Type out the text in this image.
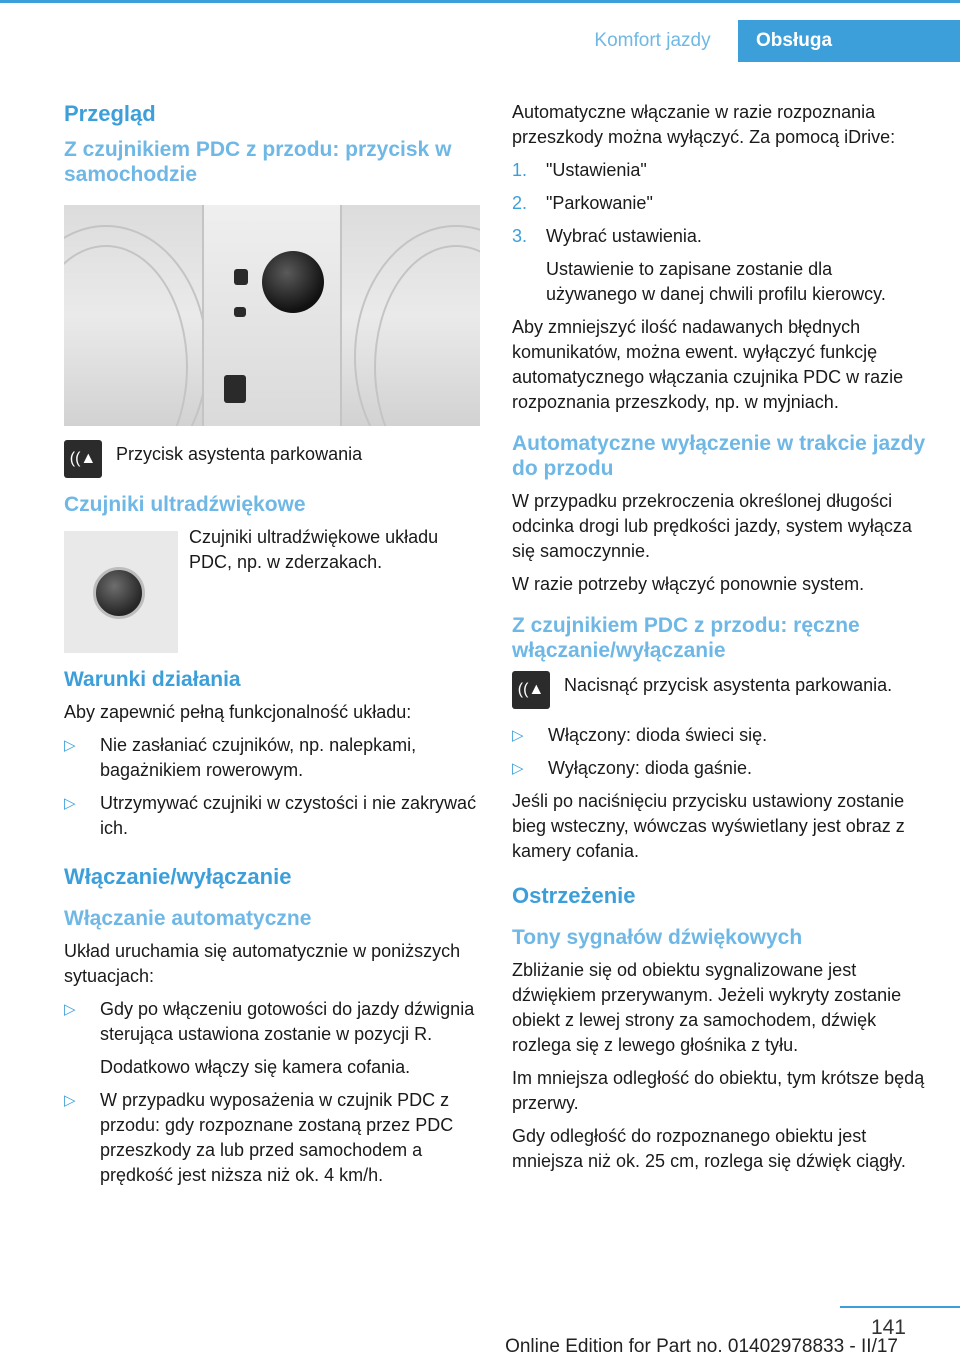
Komfort jazdy	Obsługa
Przegląd
Z czujnikiem PDC z przodu: przycisk w samochodzie
((▲	Przycisk asystenta parkowania

Czujniki ultradźwiękowe

Czujniki ultradźwiękowe układu PDC, np. w zderzakach.

Warunki działania

Aby zapewnić pełną funkcjonalność układu:

▷ Nie zasłaniać czujników, np. nalepkami, bagażnikiem rowerowym.
▷ Utrzymywać czujniki w czystości i nie zakrywać ich.
Włączanie/wyłączanie
Włączanie automatyczne

Układ uruchamia się automatycznie w poniższych sytuacjach:

▷ Gdy po włączeniu gotowości do jazdy dźwignia sterująca ustawiona zostanie w pozycji R.

Dodatkowo włączy się kamera cofania.

▷ W przypadku wyposażenia w czujnik PDC z przodu: gdy rozpoznane zostaną przez PDC przeszkody za lub przed samochodem a prędkość jest niższa niż ok. 4 km/h.

Automatyczne włączanie w razie rozpoznania przeszkody można wyłączyć. Za pomocą iDrive:

1. "Ustawienia"
2. "Parkowanie"
3. Wybrać ustawienia.

Ustawienie to zapisane zostanie dla używanego w danej chwili profilu kierowcy.

Aby zmniejszyć ilość nadawanych błędnych komunikatów, można ewent. wyłączyć funkcję automatycznego włączania czujnika PDC w razie rozpoznania przeszkody, np. w myjniach.

Automatyczne wyłączenie w trakcie jazdy do przodu

W przypadku przekroczenia określonej długości odcinka drogi lub prędkości jazdy, system wyłącza się samoczynnie.

W razie potrzeby włączyć ponownie system.

Z czujnikiem PDC z przodu: ręczne włączanie/wyłączanie
((▲	Nacisnąć przycisk asystenta parkowania.

▷ Włączony: dioda świeci się.
▷ Wyłączony: dioda gaśnie.

Jeśli po naciśnięciu przycisku ustawiony zostanie bieg wsteczny, wówczas wyświetlany jest obraz z kamery cofania.

Ostrzeżenie
Tony sygnałów dźwiękowych

Zbliżanie się od obiektu sygnalizowane jest dźwiękiem przerywanym. Jeżeli wykryty zostanie obiekt z lewej strony za samochodem, dźwięk rozlega się z lewego głośnika z tyłu.

Im mniejsza odległość do obiektu, tym krótsze będą przerwy.

Gdy odległość do rozpoznanego obiektu jest mniejsza niż ok. 25 cm, rozlega się dźwięk ciągły.

141
Online Edition for Part no. 01402978833 - II/17
